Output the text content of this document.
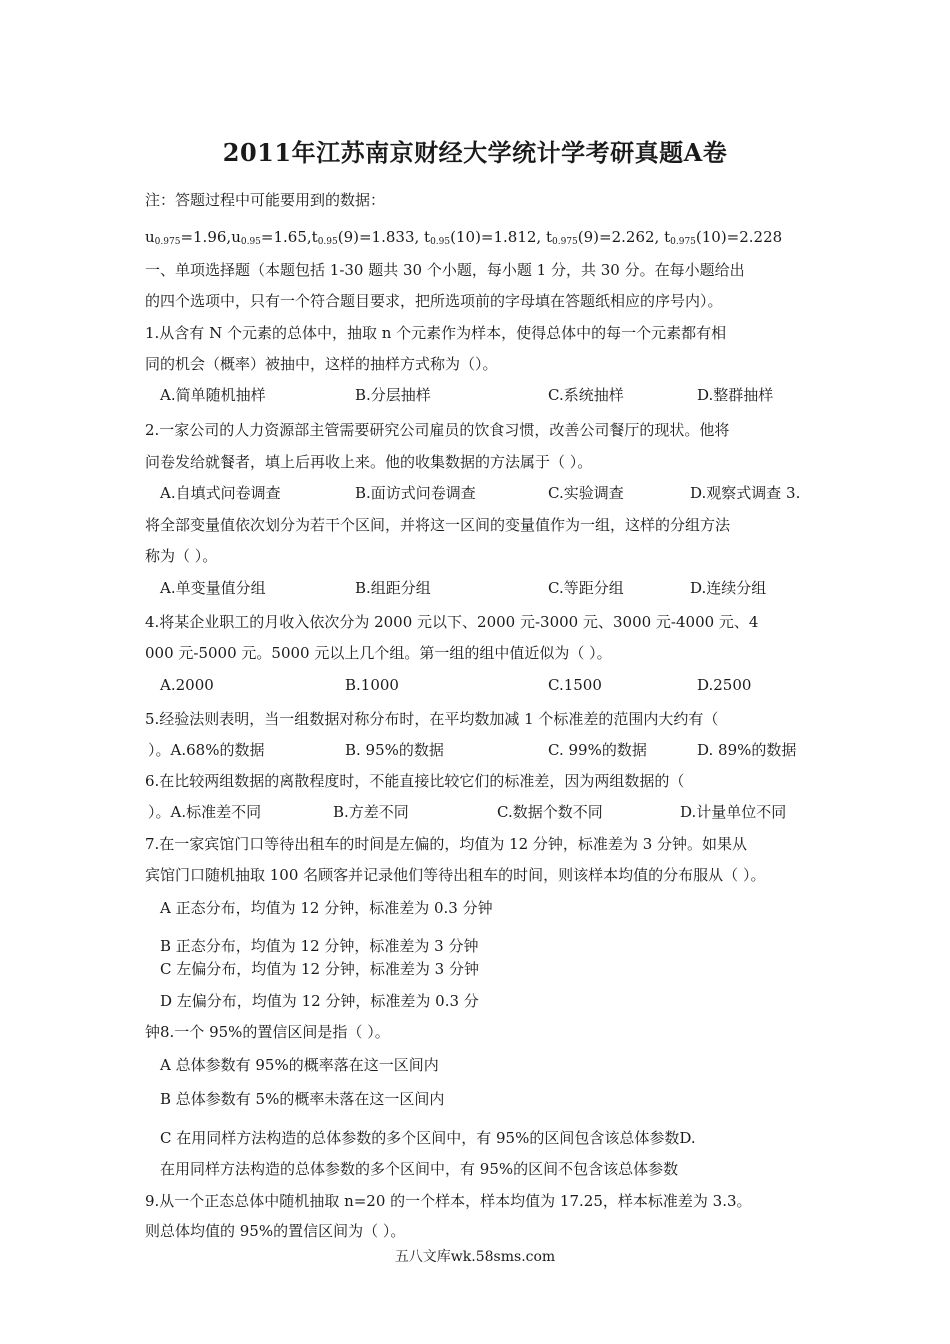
2011年江苏南京财经大学统计学考研真题A卷
注：答题过程中可能要用到的数据：
$u_{0.975}=1.96,u_{0.95}=1.65,t_{0.95}(9)=1.833$, $t_{0.95}(10)=1.812$, $t_{0.975}(9)=2.262$, $t_{0.975}(10)=2.228$
一、单项选择题（本题包括 1-30 题共 30 个小题，每小题 1 分，共 30 分。在每小题给出
的四个选项中，只有一个符合题目要求，把所选项前的字母填在答题纸相应的序号内）。
1.从含有 N 个元素的总体中，抽取 n 个元素作为样本，使得总体中的每一个元素都有相
同的机会（概率）被抽中，这样的抽样方式称为（）。
A.简单随机抽样	B.分层抽样	C.系统抽样	D.整群抽样
2.一家公司的人力资源部主管需要研究公司雇员的饮食习惯，改善公司餐厅的现状。他将
问卷发给就餐者，填上后再收上来。他的收集数据的方法属于（ ）。
A.自填式问卷调查	B.面访式问卷调查	C.实验调查	D.观察式调查 3.
将全部变量值依次划分为若干个区间，并将这一区间的变量值作为一组，这样的分组方法
称为（ ）。
A.单变量值分组	B.组距分组	C.等距分组	D.连续分组
4.将某企业职工的月收入依次分为 2000 元以下、2000 元-3000 元、3000 元-4000 元、4
000 元-5000 元。5000 元以上几个组。第一组的组中值近似为（ ）。
A.2000	B.1000	C.1500	D.2500
5.经验法则表明，当一组数据对称分布时，在平均数加减 1 个标准差的范围内大约有（
）。A.68%的数据	B. 95%的数据	C. 99%的数据	D. 89%的数据
6.在比较两组数据的离散程度时，不能直接比较它们的标准差，因为两组数据的（
）。A.标准差不同	B.方差不同	C.数据个数不同	D.计量单位不同
7.在一家宾馆门口等待出租车的时间是左偏的，均值为 12 分钟，标准差为 3 分钟。如果从
宾馆门口随机抽取 100 名顾客并记录他们等待出租车的时间，则该样本均值的分布服从（ ）。
A 正态分布，均值为 12 分钟，标准差为 0.3 分钟
B 正态分布，均值为 12 分钟，标准差为 3 分钟
C 左偏分布，均值为 12 分钟，标准差为 3 分钟
D 左偏分布，均值为 12 分钟，标准差为 0.3 分
钟8.一个 95%的置信区间是指（ ）。
A 总体参数有 95%的概率落在这一区间内
B 总体参数有 5%的概率未落在这一区间内
C 在用同样方法构造的总体参数的多个区间中，有 95%的区间包含该总体参数D.
在用同样方法构造的总体参数的多个区间中，有 95%的区间不包含该总体参数
9.从一个正态总体中随机抽取 n=20 的一个样本，样本均值为 17.25，样本标准差为 3.3。
则总体均值的 95%的置信区间为（ ）。
五八文库wk.58sms.com
